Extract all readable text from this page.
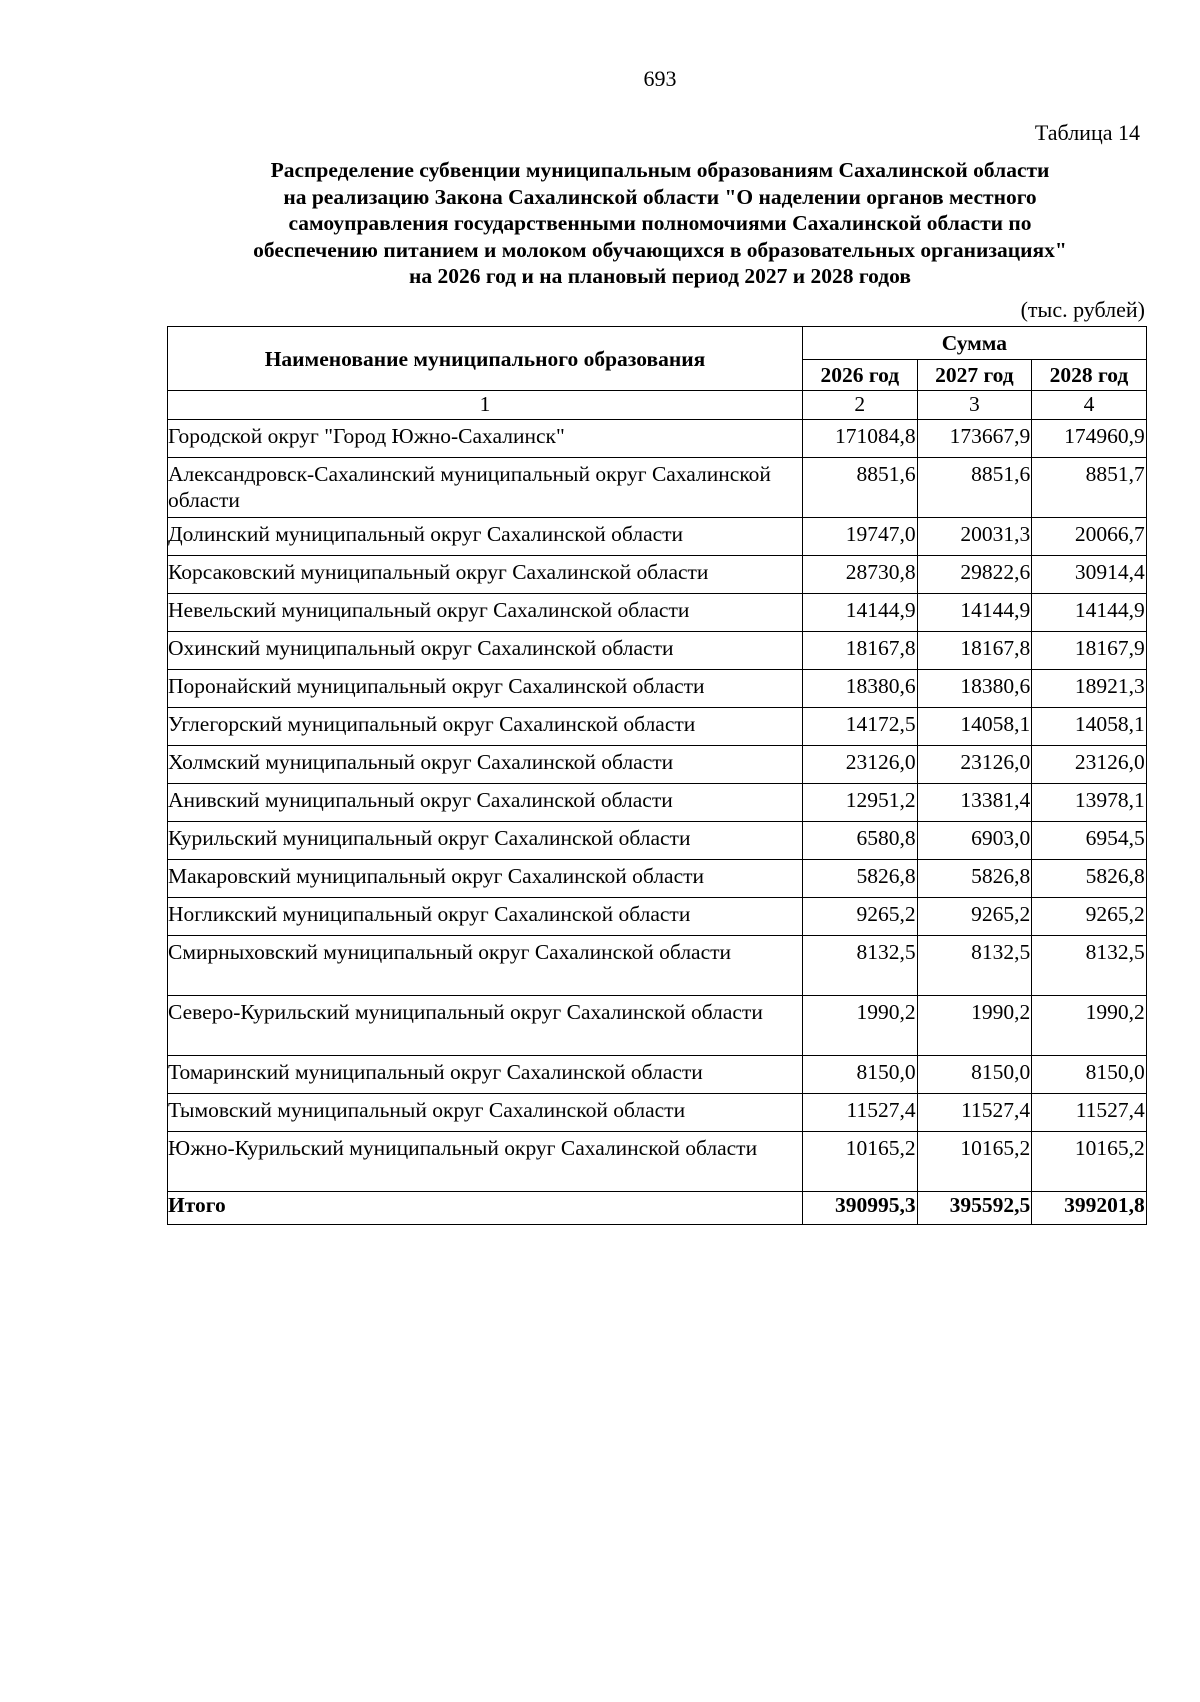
693
Таблица 14
Распределение субвенции муниципальным образованиям Сахалинской области
на реализацию Закона Сахалинской области "О наделении органов местного
самоуправления государственными полномочиями Сахалинской области по
обеспечению питанием и молоком обучающихся в образовательных организациях"
на 2026 год и на плановый период 2027 и 2028 годов
(тыс. рублей)
Наименование муниципального образования	Сумма		
	2026 год	2027 год	2028 год
1	2	3	4
Городской округ "Город Южно-Сахалинск"	171084,8	173667,9	174960,9
Александровск-Сахалинский муниципальный округ Сахалинской области	8851,6	8851,6	8851,7
Долинский муниципальный округ Сахалинской области	19747,0	20031,3	20066,7
Корсаковский муниципальный округ Сахалинской области	28730,8	29822,6	30914,4
Невельский муниципальный округ Сахалинской области	14144,9	14144,9	14144,9
Охинский муниципальный округ Сахалинской области	18167,8	18167,8	18167,9
Поронайский муниципальный округ Сахалинской области	18380,6	18380,6	18921,3
Углегорский муниципальный округ Сахалинской области	14172,5	14058,1	14058,1
Холмский муниципальный округ Сахалинской области	23126,0	23126,0	23126,0
Анивский муниципальный округ Сахалинской области	12951,2	13381,4	13978,1
Курильский муниципальный округ Сахалинской области	6580,8	6903,0	6954,5
Макаровский муниципальный округ Сахалинской области	5826,8	5826,8	5826,8
Ногликский муниципальный округ Сахалинской области	9265,2	9265,2	9265,2
Смирныховский муниципальный округ Сахалинской области	8132,5	8132,5	8132,5
Северо-Курильский муниципальный округ Сахалинской области	1990,2	1990,2	1990,2
Томаринский муниципальный округ Сахалинской области	8150,0	8150,0	8150,0
Тымовский муниципальный округ Сахалинской области	11527,4	11527,4	11527,4
Южно-Курильский муниципальный округ Сахалинской области	10165,2	10165,2	10165,2
Итого	390995,3	395592,5	399201,8
